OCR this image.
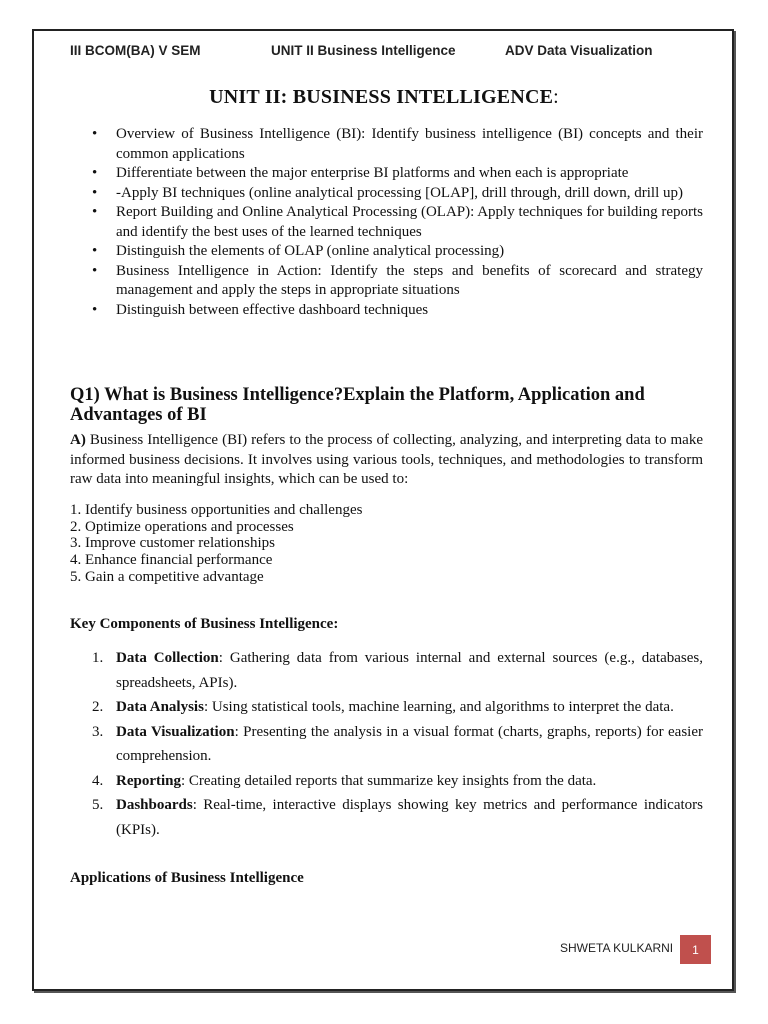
III BCOM(BA) V SEM	UNIT II Business Intelligence	ADV Data Visualization
UNIT II: BUSINESS INTELLIGENCE:
• Overview of Business Intelligence (BI): Identify business intelligence (BI) concepts and their common applications
• Differentiate between the major enterprise BI platforms and when each is appropriate
• -Apply BI techniques (online analytical processing [OLAP], drill through, drill down, drill up)
• Report Building and Online Analytical Processing (OLAP): Apply techniques for building reports and identify the best uses of the learned techniques
• Distinguish the elements of OLAP (online analytical processing)
• Business Intelligence in Action: Identify the steps and benefits of scorecard and strategy management and apply the steps in appropriate situations
• Distinguish between effective dashboard techniques
Q1) What is Business Intelligence?Explain the Platform, Application and Advantages of BI
A) Business Intelligence (BI) refers to the process of collecting, analyzing, and interpreting data to make informed business decisions. It involves using various tools, techniques, and methodologies to transform raw data into meaningful insights, which can be used to:
1. Identify business opportunities and challenges
2. Optimize operations and processes
3. Improve customer relationships
4. Enhance financial performance
5. Gain a competitive advantage
Key Components of Business Intelligence:
1. Data Collection: Gathering data from various internal and external sources (e.g., databases, spreadsheets, APIs).
2. Data Analysis: Using statistical tools, machine learning, and algorithms to interpret the data.
3. Data Visualization: Presenting the analysis in a visual format (charts, graphs, reports) for easier comprehension.
4. Reporting: Creating detailed reports that summarize key insights from the data.
5. Dashboards: Real-time, interactive displays showing key metrics and performance indicators (KPIs).
Applications of Business Intelligence
SHWETA KULKARNI 1
